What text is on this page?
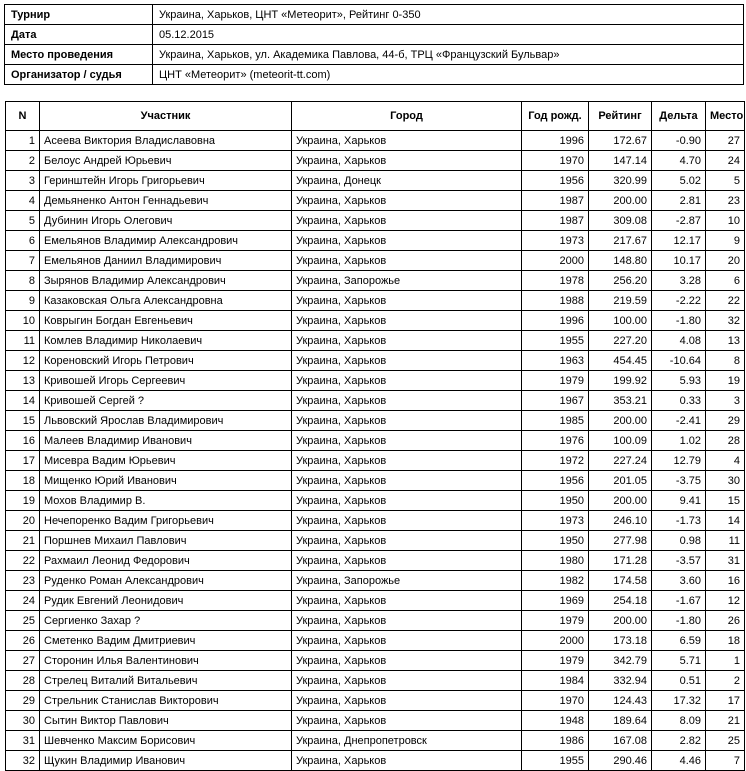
Турнир	Украина, Харьков, ЦНТ «Метеорит», Рейтинг 0-350
Дата	05.12.2015
Место проведения	Украина, Харьков, ул. Академика Павлова, 44-б, ТРЦ «Французский Бульвар»
Организатор / судья	ЦНТ «Метеорит» (meteorit-tt.com)
N	Участник	Город	Год рожд.	Рейтинг	Дельта	Место
1	Асеева Виктория Владиславовна	Украина, Харьков	1996	172.67	-0.90	27
2	Белоус Андрей Юрьевич	Украина, Харьков	1970	147.14	4.70	24
3	Геринштейн Игорь Григорьевич	Украина, Донецк	1956	320.99	5.02	5
4	Демьяненко Антон Геннадьевич	Украина, Харьков	1987	200.00	2.81	23
5	Дубинин Игорь Олегович	Украина, Харьков	1987	309.08	-2.87	10
6	Емельянов Владимир Александрович	Украина, Харьков	1973	217.67	12.17	9
7	Емельянов Даниил Владимирович	Украина, Харьков	2000	148.80	10.17	20
8	Зырянов Владимир Александрович	Украина, Запорожье	1978	256.20	3.28	6
9	Казаковская Ольга Александровна	Украина, Харьков	1988	219.59	-2.22	22
10	Коврыгин Богдан Евгеньевич	Украина, Харьков	1996	100.00	-1.80	32
11	Комлев Владимир Николаевич	Украина, Харьков	1955	227.20	4.08	13
12	Кореновский Игорь Петрович	Украина, Харьков	1963	454.45	-10.64	8
13	Кривошей Игорь Сергеевич	Украина, Харьков	1979	199.92	5.93	19
14	Кривошей Сергей ?	Украина, Харьков	1967	353.21	0.33	3
15	Львовский Ярослав Владимирович	Украина, Харьков	1985	200.00	-2.41	29
16	Малеев Владимир Иванович	Украина, Харьков	1976	100.09	1.02	28
17	Мисевра Вадим Юрьевич	Украина, Харьков	1972	227.24	12.79	4
18	Мищенко Юрий Иванович	Украина, Харьков	1956	201.05	-3.75	30
19	Мохов Владимир В.	Украина, Харьков	1950	200.00	9.41	15
20	Нечепоренко Вадим Григорьевич	Украина, Харьков	1973	246.10	-1.73	14
21	Поршнев Михаил Павлович	Украина, Харьков	1950	277.98	0.98	11
22	Рахмаил Леонид Федорович	Украина, Харьков	1980	171.28	-3.57	31
23	Руденко Роман Александрович	Украина, Запорожье	1982	174.58	3.60	16
24	Рудик Евгений Леонидович	Украина, Харьков	1969	254.18	-1.67	12
25	Сергиенко Захар ?	Украина, Харьков	1979	200.00	-1.80	26
26	Сметенко Вадим Дмитриевич	Украина, Харьков	2000	173.18	6.59	18
27	Сторонин Илья Валентинович	Украина, Харьков	1979	342.79	5.71	1
28	Стрелец Виталий Витальевич	Украина, Харьков	1984	332.94	0.51	2
29	Стрельник Станислав Викторович	Украина, Харьков	1970	124.43	17.32	17
30	Сытин Виктор Павлович	Украина, Харьков	1948	189.64	8.09	21
31	Шевченко Максим Борисович	Украина, Днепропетровск	1986	167.08	2.82	25
32	Щукин Владимир Иванович	Украина, Харьков	1955	290.46	4.46	7
